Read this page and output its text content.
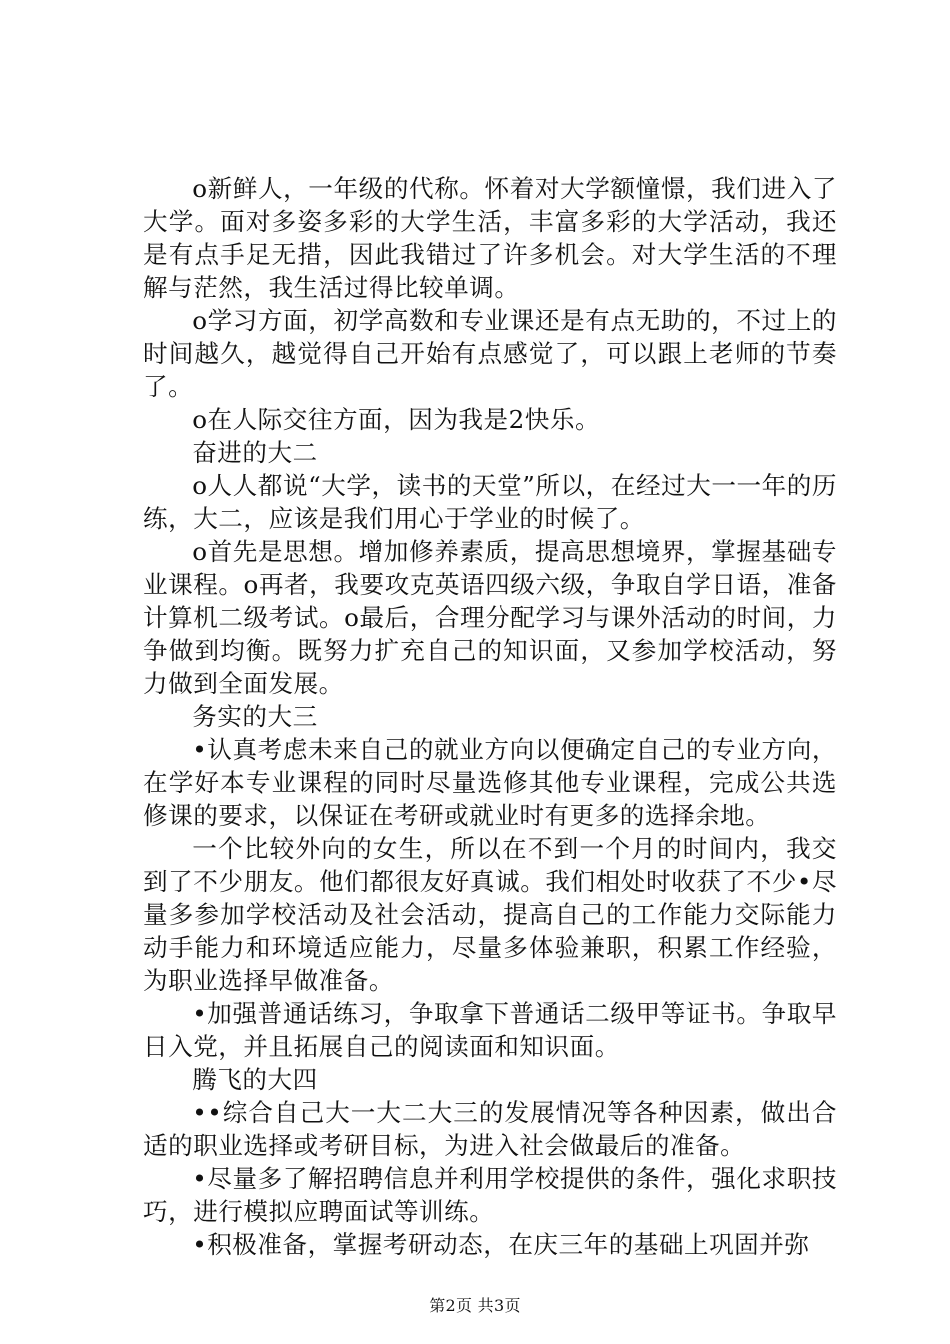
o新鲜人，一年级的代称。怀着对大学额憧憬，我们进入了大学。面对多姿多彩的大学生活，丰富多彩的大学活动，我还是有点手足无措，因此我错过了许多机会。对大学生活的不理解与茫然，我生活过得比较单调。

o学习方面，初学高数和专业课还是有点无助的，不过上的时间越久，越觉得自己开始有点感觉了，可以跟上老师的节奏了。

o在人际交往方面，因为我是2快乐。

奋进的大二

o人人都说“大学，读书的天堂”所以，在经过大一一年的历练，大二，应该是我们用心于学业的时候了。

o首先是思想。增加修养素质，提高思想境界，掌握基础专业课程。o再者，我要攻克英语四级六级，争取自学日语，准备计算机二级考试。o最后，合理分配学习与课外活动的时间，力争做到均衡。既努力扩充自己的知识面，又参加学校活动，努力做到全面发展。

务实的大三

•认真考虑未来自己的就业方向以便确定自己的专业方向，在学好本专业课程的同时尽量选修其他专业课程，完成公共选修课的要求，以保证在考研或就业时有更多的选择余地。

一个比较外向的女生，所以在不到一个月的时间内，我交到了不少朋友。他们都很友好真诚。我们相处时收获了不少•尽量多参加学校活动及社会活动，提高自己的工作能力交际能力动手能力和环境适应能力，尽量多体验兼职，积累工作经验，为职业选择早做准备。

•加强普通话练习，争取拿下普通话二级甲等证书。争取早日入党，并且拓展自己的阅读面和知识面。

腾飞的大四

••综合自己大一大二大三的发展情况等各种因素，做出合适的职业选择或考研目标，为进入社会做最后的准备。

•尽量多了解招聘信息并利用学校提供的条件，强化求职技巧，进行模拟应聘面试等训练。

•积极准备，掌握考研动态，在庆三年的基础上巩固并弥

第2页 共3页
